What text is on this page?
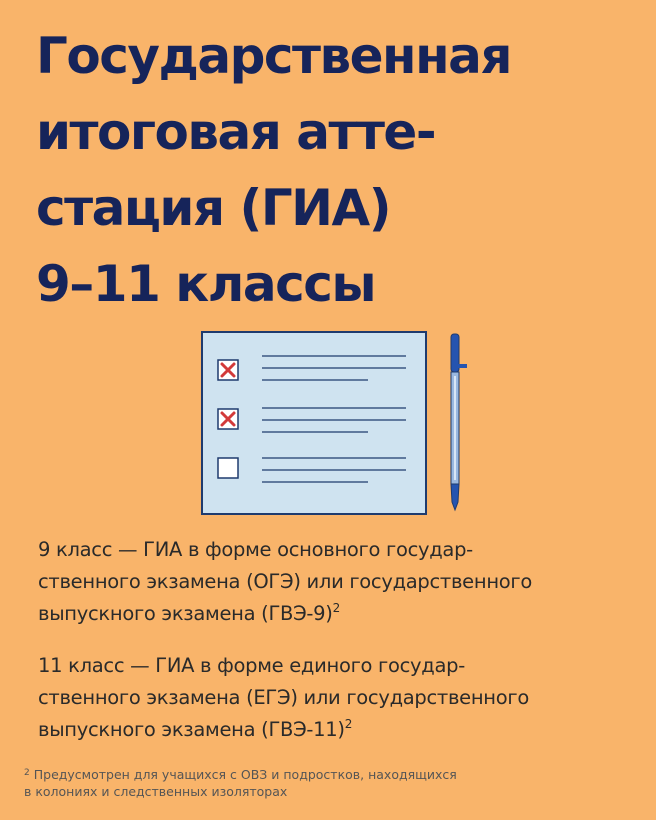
Государственная
итоговая атте-
стация (ГИА)
9–11 классы

9 класс — ГИА в форме основного государ-
ственного экзамена (ОГЭ) или государственного
выпускного экзамена $(ГВЭ-9)^2$

11 класс — ГИА в форме единого государ-
ственного экзамена (ЕГЭ) или государственного
выпускного экзамена $(ГВЭ-11)^2$

$^2$ Предусмотрен для учащихся с ОВЗ и подростков, находящихся
в колониях и следственных изоляторах
